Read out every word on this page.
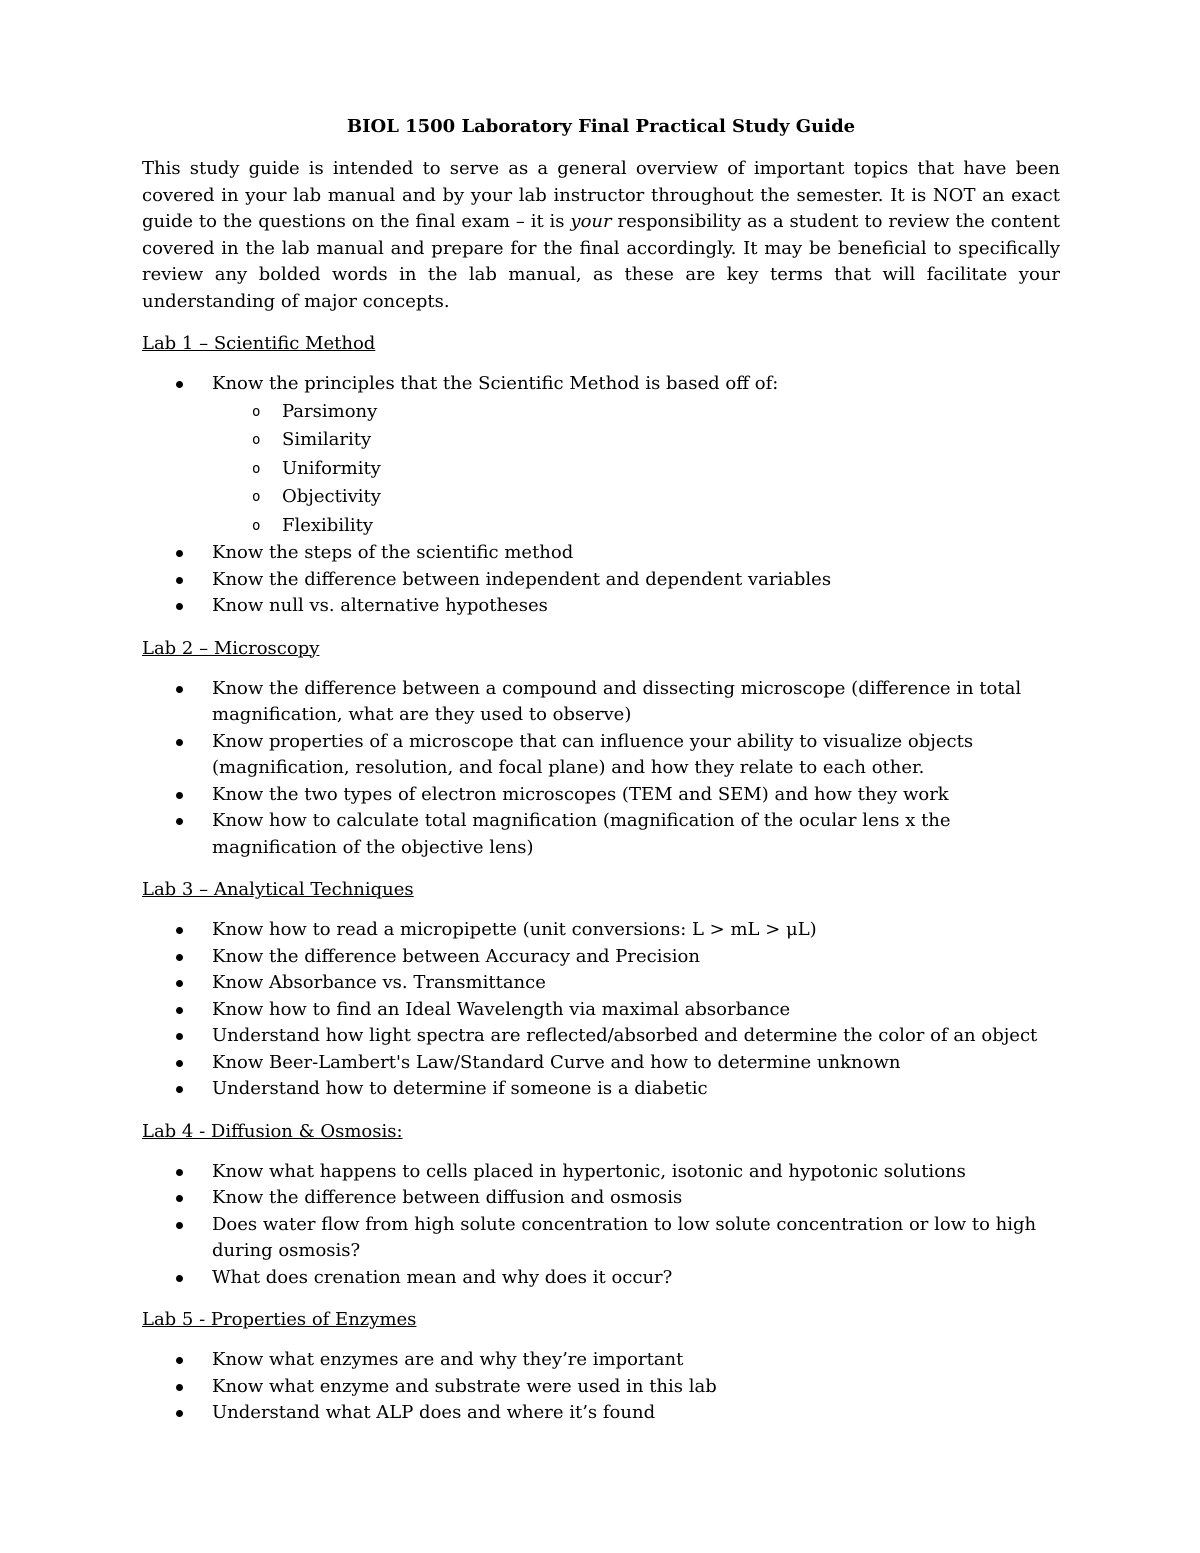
BIOL 1500 Laboratory Final Practical Study Guide

This study guide is intended to serve as a general overview of important topics that have been covered in your lab manual and by your lab instructor throughout the semester. It is NOT an exact guide to the questions on the final exam – it is your responsibility as a student to review the content covered in the lab manual and prepare for the final accordingly. It may be beneficial to specifically review any bolded words in the lab manual, as these are key terms that will facilitate your understanding of major concepts.

Lab 1 – Scientific Method
Know the principles that the Scientific Method is based off of:
o Parsimony
o Similarity
o Uniformity
o Objectivity
o Flexibility
Know the steps of the scientific method
Know the difference between independent and dependent variables
Know null vs. alternative hypotheses
Lab 2 – Microscopy
Know the difference between a compound and dissecting microscope (difference in total magnification, what are they used to observe)
Know properties of a microscope that can influence your ability to visualize objects (magnification, resolution, and focal plane) and how they relate to each other.
Know the two types of electron microscopes (TEM and SEM) and how they work
Know how to calculate total magnification (magnification of the ocular lens x the magnification of the objective lens)
Lab 3 – Analytical Techniques
Know how to read a micropipette (unit conversions: L > mL > μL)
Know the difference between Accuracy and Precision
Know Absorbance vs. Transmittance
Know how to find an Ideal Wavelength via maximal absorbance
Understand how light spectra are reflected/absorbed and determine the color of an object
Know Beer-Lambert's Law/Standard Curve and how to determine unknown
Understand how to determine if someone is a diabetic
Lab 4 - Diffusion & Osmosis:
Know what happens to cells placed in hypertonic, isotonic and hypotonic solutions
Know the difference between diffusion and osmosis
Does water flow from high solute concentration to low solute concentration or low to high during osmosis?
What does crenation mean and why does it occur?
Lab 5 - Properties of Enzymes
Know what enzymes are and why they’re important
Know what enzyme and substrate were used in this lab
Understand what ALP does and where it’s found
